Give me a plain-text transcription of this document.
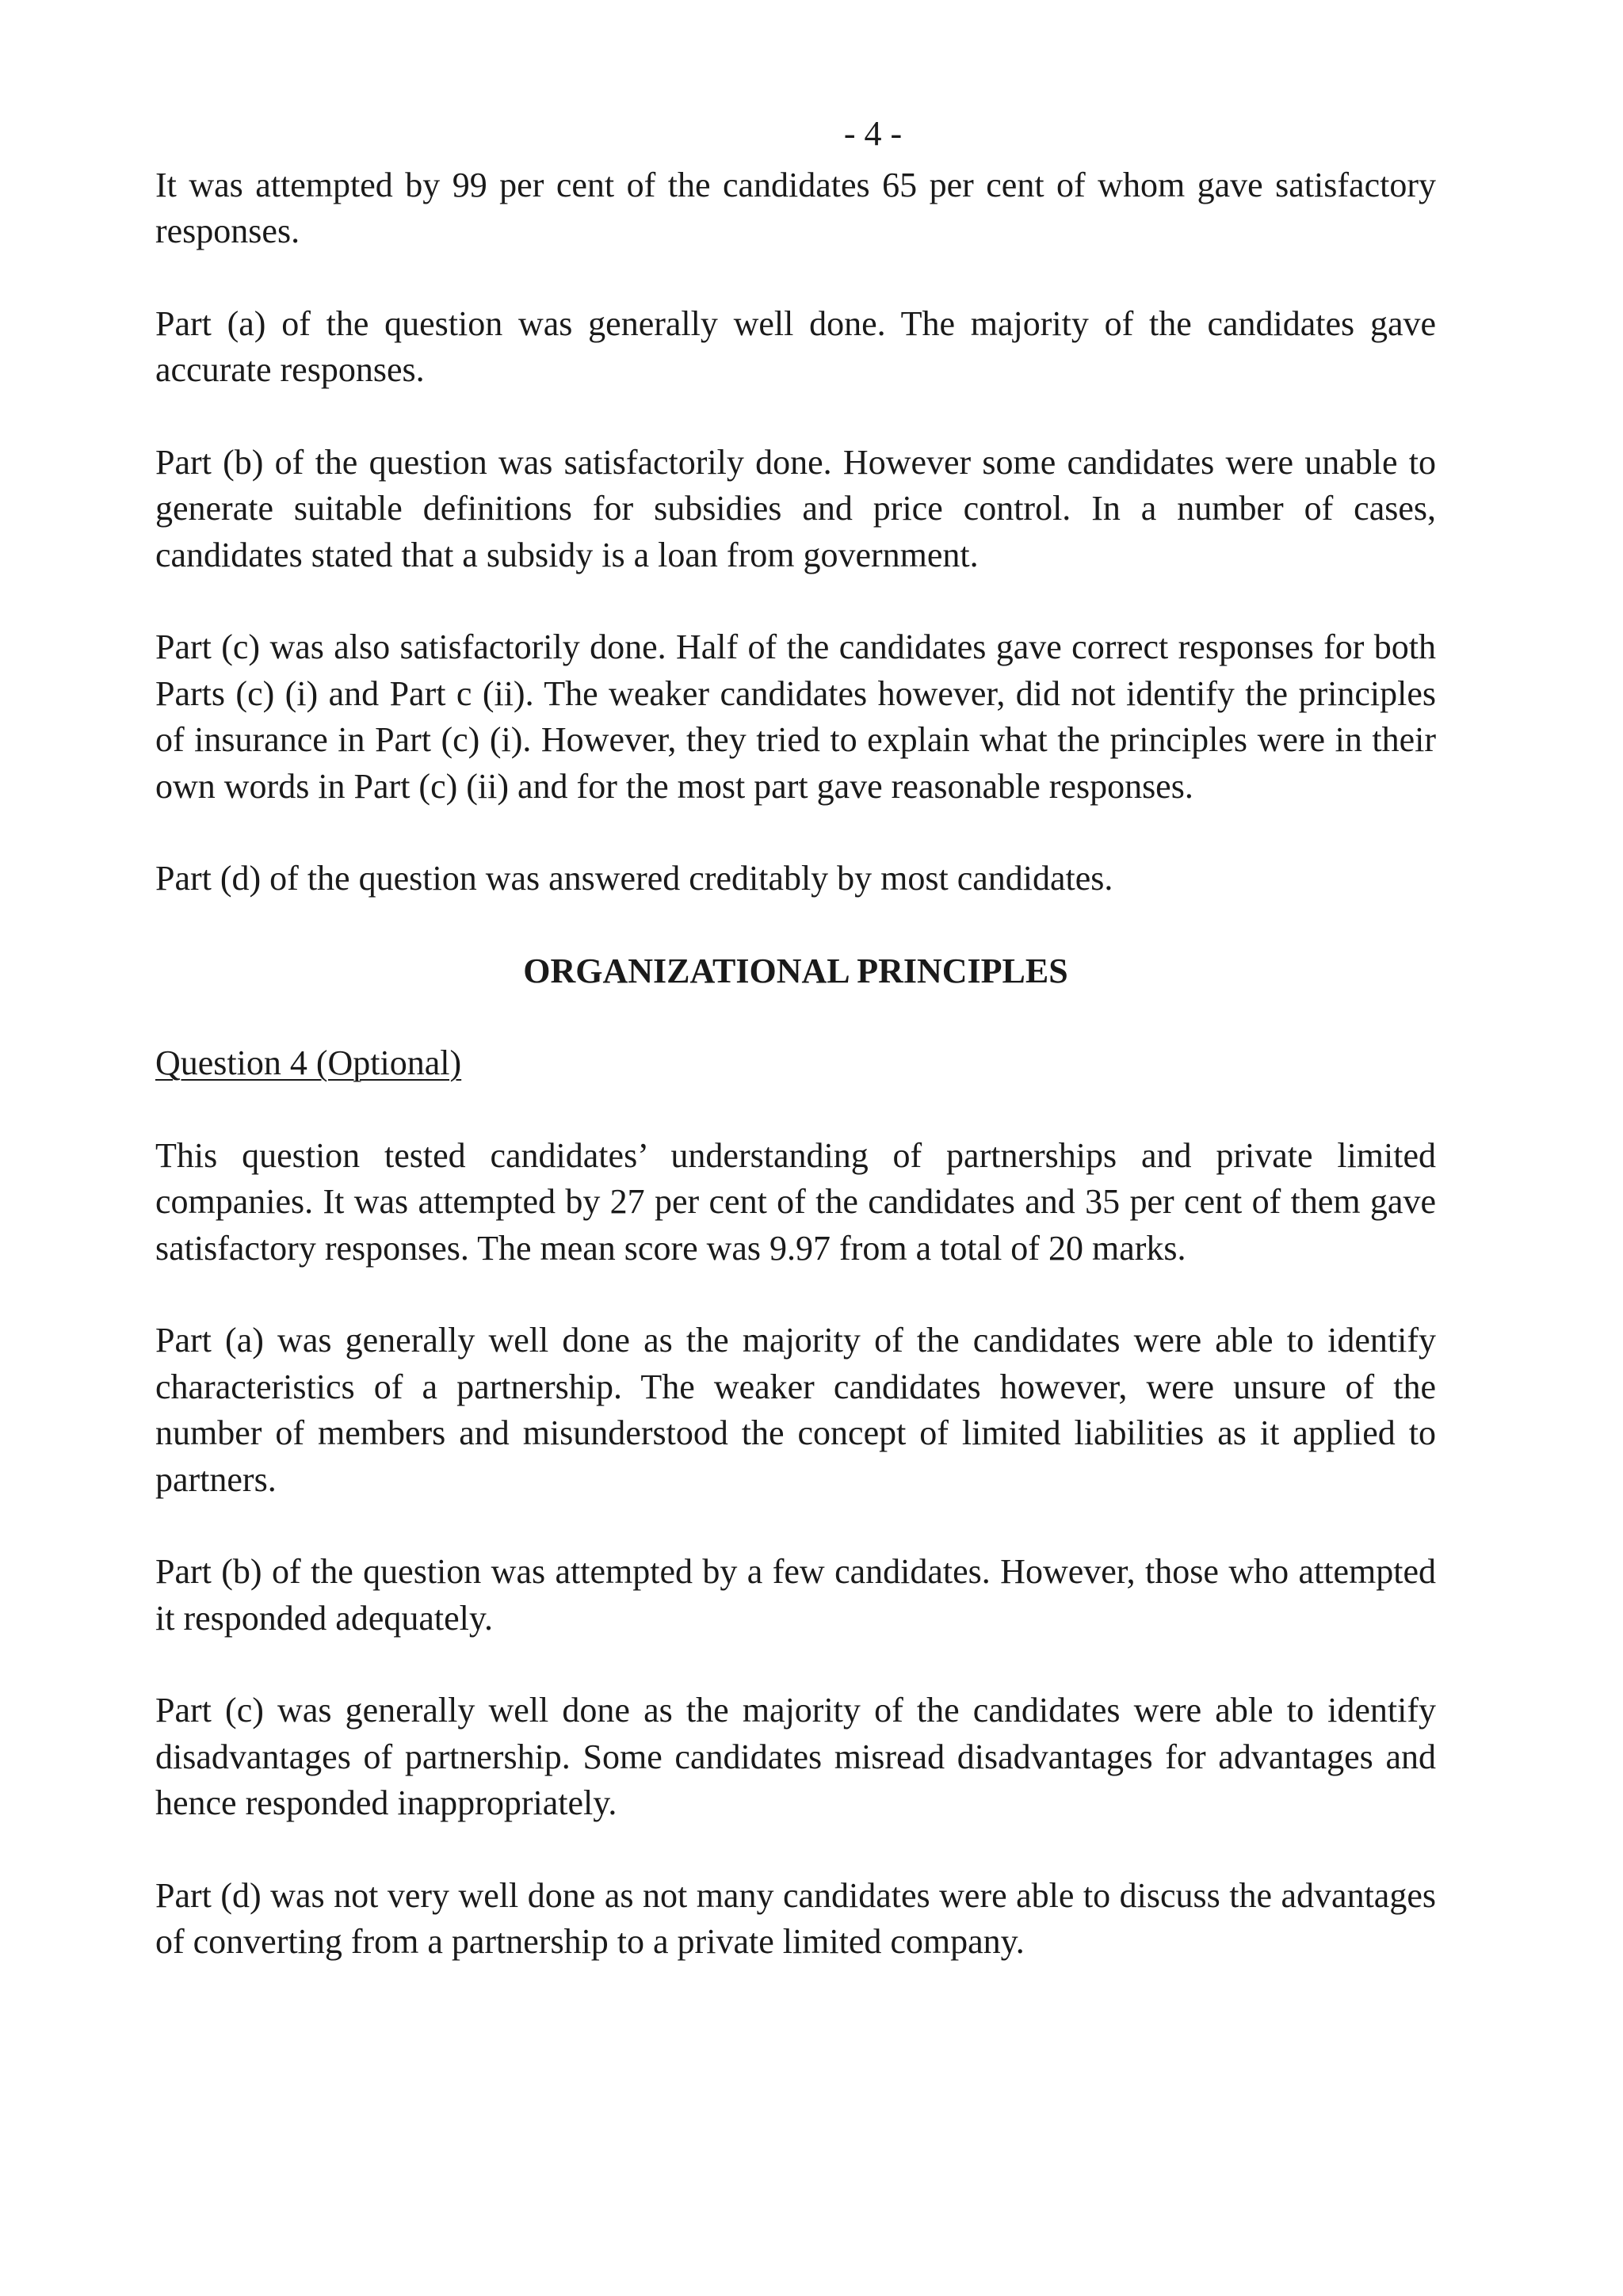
- 4 -

It was attempted by 99 per cent of the candidates 65 per cent of whom gave satisfactory responses.

Part (a) of the question was generally well done. The majority of the candidates gave accurate responses.

Part (b) of the question was satisfactorily done. However some candidates were unable to generate suitable definitions for subsidies and price control. In a number of cases, candidates stated that a subsidy is a loan from government.

Part (c) was also satisfactorily done. Half of the candidates gave correct responses for both Parts (c) (i) and Part c (ii). The weaker candidates however, did not identify the principles of insurance in Part (c) (i). However, they tried to explain what the principles were in their own words in Part (c) (ii) and for the most part gave reasonable responses.

Part (d) of the question was answered creditably by most candidates.

ORGANIZATIONAL PRINCIPLES
Question 4 (Optional)

This question tested candidates’ understanding of partnerships and private limited companies. It was attempted by 27 per cent of the candidates and 35 per cent of them gave satisfactory responses. The mean score was 9.97 from a total of 20 marks.

Part (a) was generally well done as the majority of the candidates were able to identify characteristics of a partnership. The weaker candidates however, were unsure of the number of members and misunderstood the concept of limited liabilities as it applied to partners.

Part (b) of the question was attempted by a few candidates. However, those who attempted it responded adequately.

Part (c) was generally well done as the majority of the candidates were able to identify disadvantages of partnership. Some candidates misread disadvantages for advantages and hence responded inappropriately.

Part (d) was not very well done as not many candidates were able to discuss the advantages of converting from a partnership to a private limited company.
